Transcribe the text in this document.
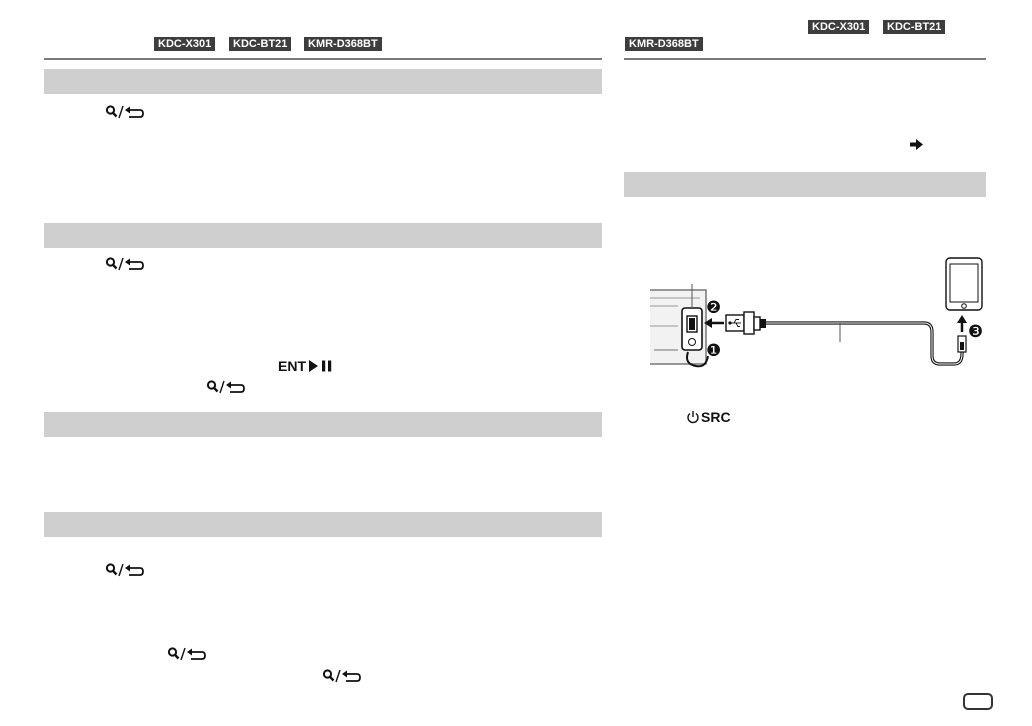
KDC-X301	KDC-BT21	KMR-D368BT
KDC-X301	KDC-BT21
KMR-D368BT
ENT
❶
❷
❸
SRC
